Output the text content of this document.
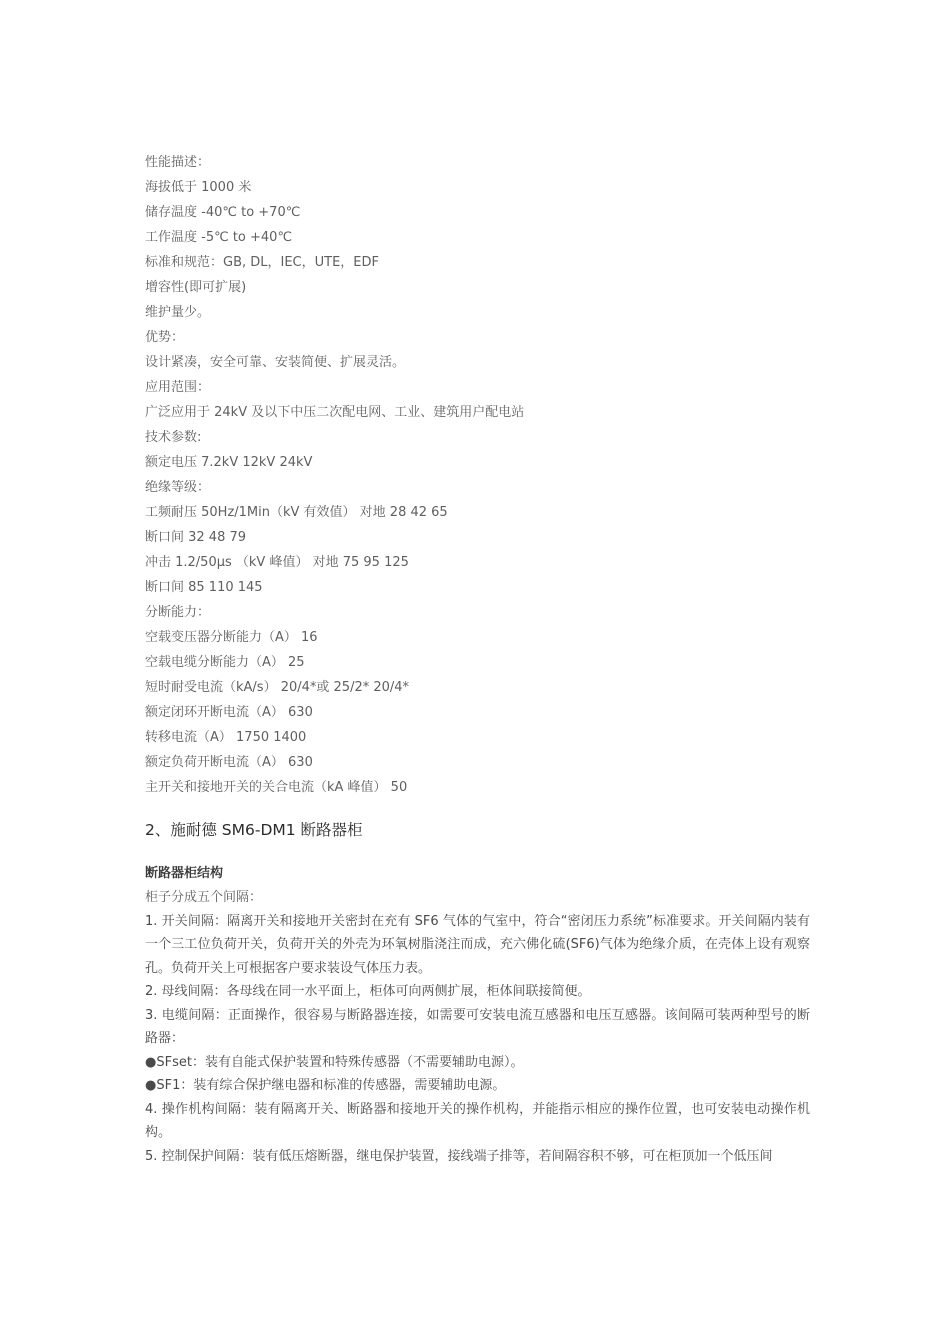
性能描述：
海拔低于 1000 米
储存温度 -40℃ to +70℃
工作温度 -5℃ to +40℃
标准和规范：GB, DL，IEC，UTE，EDF
增容性(即可扩展)
维护量少。
优势：
设计紧凑，安全可靠、安装简便、扩展灵活。
应用范围：
广泛应用于 24kV 及以下中压二次配电网、工业、建筑用户配电站
技术参数:
额定电压 7.2kV 12kV 24kV
绝缘等级：
工频耐压 50Hz/1Min（kV 有效值） 对地 28 42 65
断口间 32 48 79
冲击 1.2/50μs （kV 峰值） 对地 75 95 125
断口间 85 110 145
分断能力：
空载变压器分断能力（A） 16
空载电缆分断能力（A） 25
短时耐受电流（kA/s） 20/4*或 25/2* 20/4*
额定闭环开断电流（A） 630
转移电流（A） 1750 1400
额定负荷开断电流（A） 630
主开关和接地开关的关合电流（kA 峰值） 50
2、施耐德 SM6-DM1 断路器柜
断路器柜结构
柜子分成五个间隔：
1. 开关间隔：隔离开关和接地开关密封在充有 SF6 气体的气室中，符合“密闭压力系统”标准要求。开关间隔内装有一个三工位负荷开关，负荷开关的外壳为环氧树脂浇注而成，充六佛化硫(SF6)气体为绝缘介质，在壳体上设有观察孔。负荷开关上可根据客户要求装设气体压力表。
2. 母线间隔：各母线在同一水平面上，柜体可向两侧扩展，柜体间联接简便。
3. 电缆间隔：正面操作，很容易与断路器连接，如需要可安装电流互感器和电压互感器。该间隔可装两种型号的断路器：
●SFset：装有自能式保护装置和特殊传感器（不需要辅助电源）。
●SF1：装有综合保护继电器和标准的传感器，需要辅助电源。
4. 操作机构间隔：装有隔离开关、断路器和接地开关的操作机构，并能指示相应的操作位置，也可安装电动操作机构。
5. 控制保护间隔：装有低压熔断器，继电保护装置，接线端子排等，若间隔容积不够，可在柜顶加一个低压间
